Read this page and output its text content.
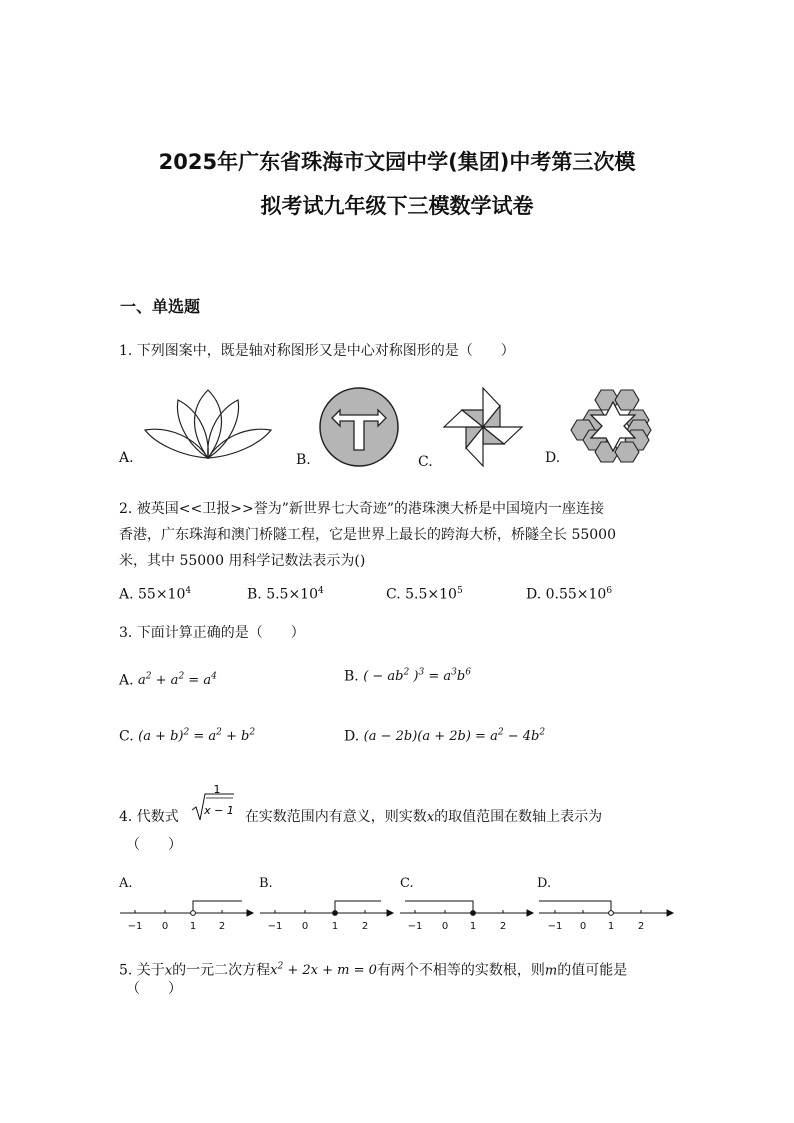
2025年广东省珠海市文园中学(集团)中考第三次模
拟考试九年级下三模数学试卷
一、单选题
1. 下列图案中，既是轴对称图形又是中心对称图形的是（　　）
A.	B.	C.	D.
2. 被英国<<卫报>>誉为”新世界七大奇迹”的港珠澳大桥是中国境内一座连接
香港，广东珠海和澳门桥隧工程，它是世界上最长的跨海大桥，桥隧全长 55000
米，其中 55000 用科学记数法表示为()
A. $55\times 10^4$	B. $5.5\times 10^4$	C. $5.5\times 10^5$	D. $0.55\times 10^6$
3. 下面计算正确的是（　　）
A. $a^2 + a^2 = a^4$	B. ( − $ab^2$ )$^3 = a^3b^6$
C. $(a + b)^2 = a^2 + b^2$	D. $(a - 2b)(a + 2b) = a^2 - 4b^2$
4. 代数式	在实数范围内有意义，则实数x的取值范围在数轴上表示为
1
x − 1
（　　）
A.	B.	C.	D.
−1 0 1 2	−1 0 1 2	−1 0 1 2	−1 0 1 2
5. 关于x的一元二次方程$x^2 + 2x + m = 0$有两个不相等的实数根，则m的值可能是
（　　）
